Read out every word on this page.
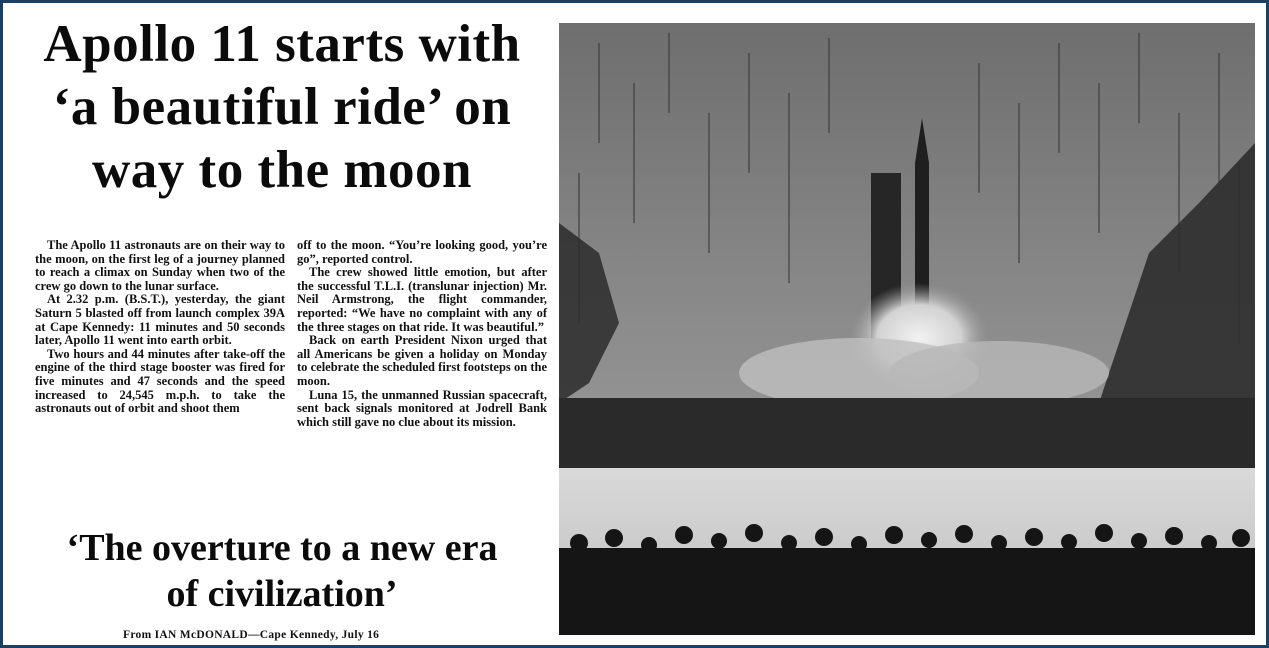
Apollo 11 starts with
‘a beautiful ride’ on
way to the moon

The Apollo 11 astronauts are on their way to the moon, on the first leg of a journey planned to reach a climax on Sunday when two of the crew go down to the lunar surface.

At 2.32 p.m. (B.S.T.), yesterday, the giant Saturn 5 blasted off from launch complex 39A at Cape Kennedy: 11 minutes and 50 seconds later, Apollo 11 went into earth orbit.

Two hours and 44 minutes after take-off the engine of the third stage booster was fired for five minutes and 47 seconds and the speed increased to 24,545 m.p.h. to take the astronauts out of orbit and shoot them

off to the moon. “You’re looking good, you’re go”, reported control.

The crew showed little emotion, but after the successful T.L.I. (translunar injection) Mr. Neil Armstrong, the flight commander, reported: “We have no complaint with any of the three stages on that ride. It was beautiful.”

Back on earth President Nixon urged that all Americans be given a holiday on Monday to celebrate the scheduled first footsteps on the moon.

Luna 15, the unmanned Russian spacecraft, sent back signals monitored at Jodrell Bank which still gave no clue about its mission.

‘The overture to a new era
of civilization’
From IAN McDONALD—Cape Kennedy, July 16
